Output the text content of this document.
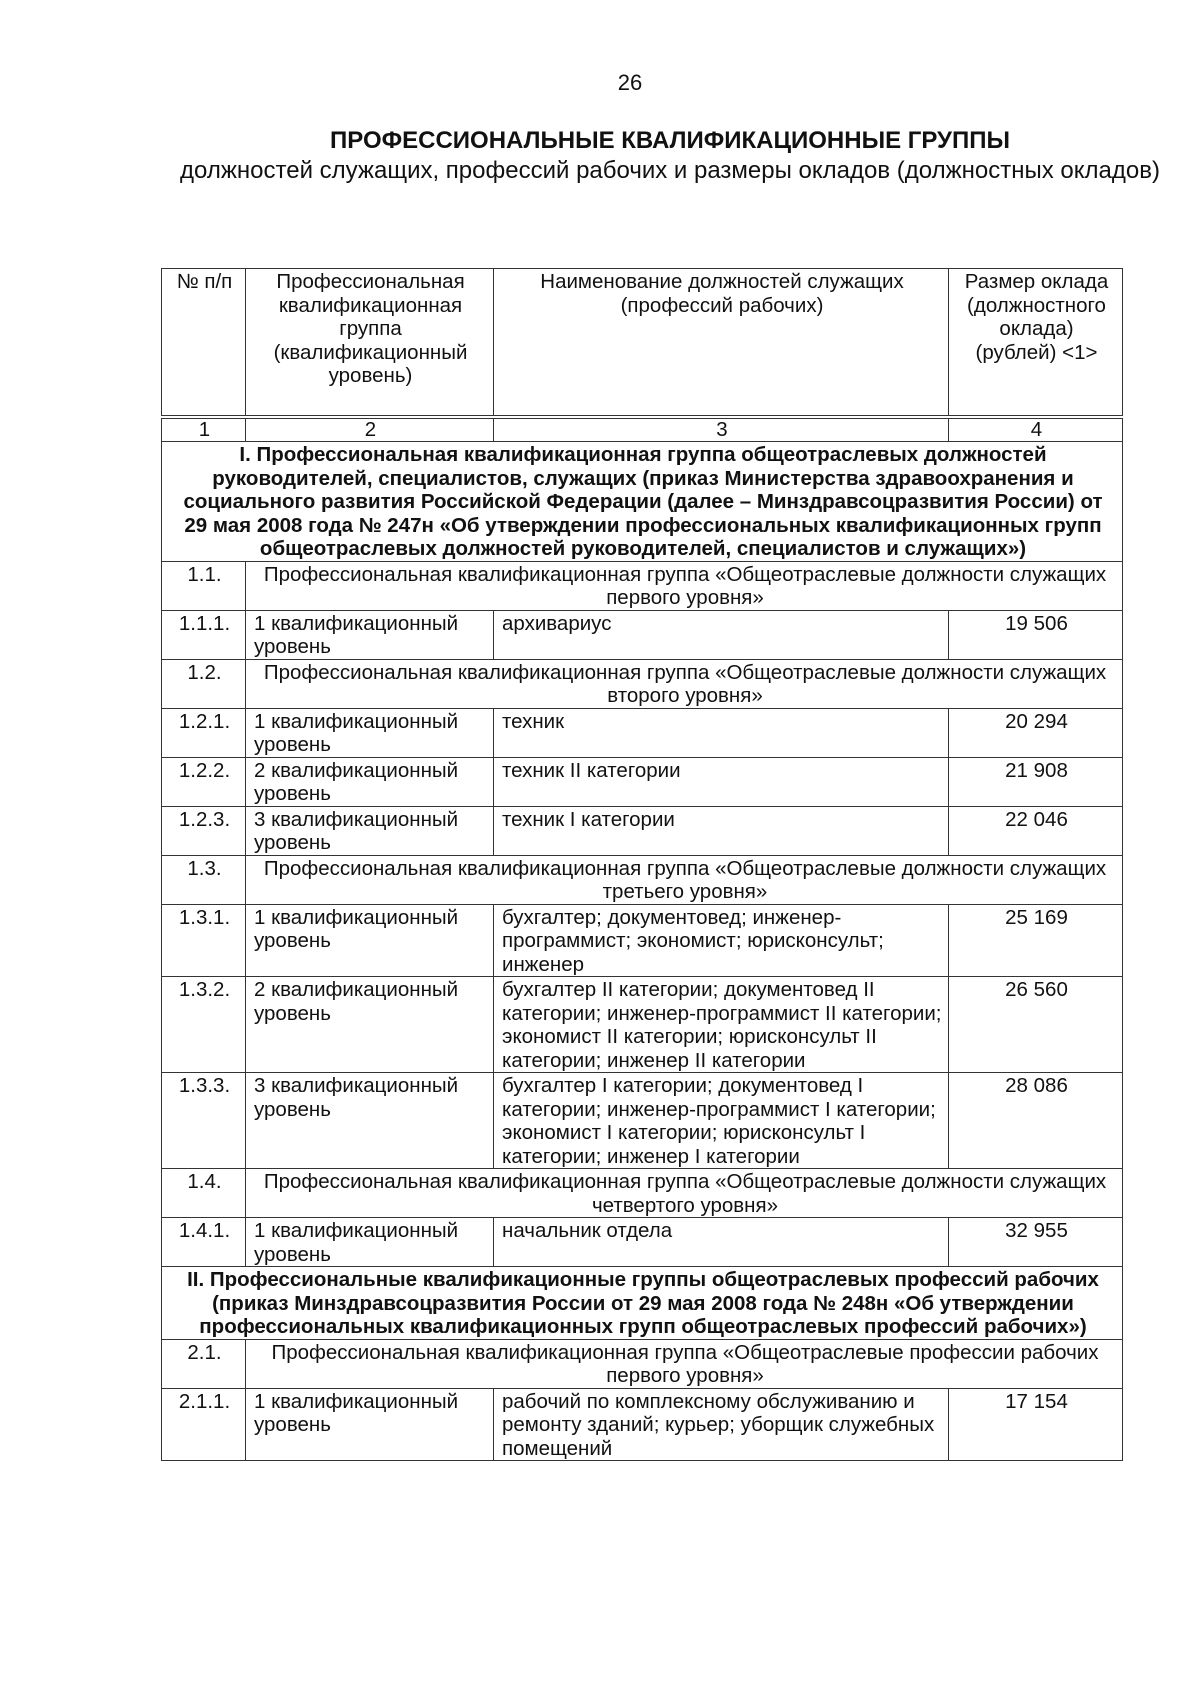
26
ПРОФЕССИОНАЛЬНЫЕ КВАЛИФИКАЦИОННЫЕ ГРУППЫ
должностей служащих, профессий рабочих и размеры окладов (должностных окладов)
№ п/п	Профессиональная квалификационная группа (квалификационный уровень)	Наименование должностей служащих (профессий рабочих)	Размер оклада (должностного оклада) (рублей) <1>
1	2	3	4
I. Профессиональная квалификационная группа общеотраслевых должностей руководителей, специалистов, служащих (приказ Министерства здравоохранения и социального развития Российской Федерации (далее – Минздравсоцразвития России) от 29 мая 2008 года № 247н «Об утверждении профессиональных квалификационных групп общеотраслевых должностей руководителей, специалистов и служащих»)			
1.1.	Профессиональная квалификационная группа «Общеотраслевые должности служащих первого уровня»		
1.1.1.	1 квалификационный уровень	архивариус	19 506
1.2.	Профессиональная квалификационная группа «Общеотраслевые должности служащих второго уровня»		
1.2.1.	1 квалификационный уровень	техник	20 294
1.2.2.	2 квалификационный уровень	техник II категории	21 908
1.2.3.	3 квалификационный уровень	техник I категории	22 046
1.3.	Профессиональная квалификационная группа «Общеотраслевые должности служащих третьего уровня»		
1.3.1.	1 квалификационный уровень	бухгалтер; документовед; инженер-программист; экономист; юрисконсульт; инженер	25 169
1.3.2.	2 квалификационный уровень	бухгалтер II категории; документовед II категории; инженер-программист II категории; экономист II категории; юрисконсульт II категории; инженер II категории	26 560
1.3.3.	3 квалификационный уровень	бухгалтер I категории; документовед I категории; инженер-программист I категории; экономист I категории; юрисконсульт I категории; инженер I категории	28 086
1.4.	Профессиональная квалификационная группа «Общеотраслевые должности служащих четвертого уровня»		
1.4.1.	1 квалификационный уровень	начальник отдела	32 955
II. Профессиональные квалификационные группы общеотраслевых профессий рабочих (приказ Минздравсоцразвития России от 29 мая 2008 года № 248н «Об утверждении профессиональных квалификационных групп общеотраслевых профессий рабочих»)			
2.1.	Профессиональная квалификационная группа «Общеотраслевые профессии рабочих первого уровня»		
2.1.1.	1 квалификационный уровень	рабочий по комплексному обслуживанию и ремонту зданий; курьер; уборщик служебных помещений	17 154
